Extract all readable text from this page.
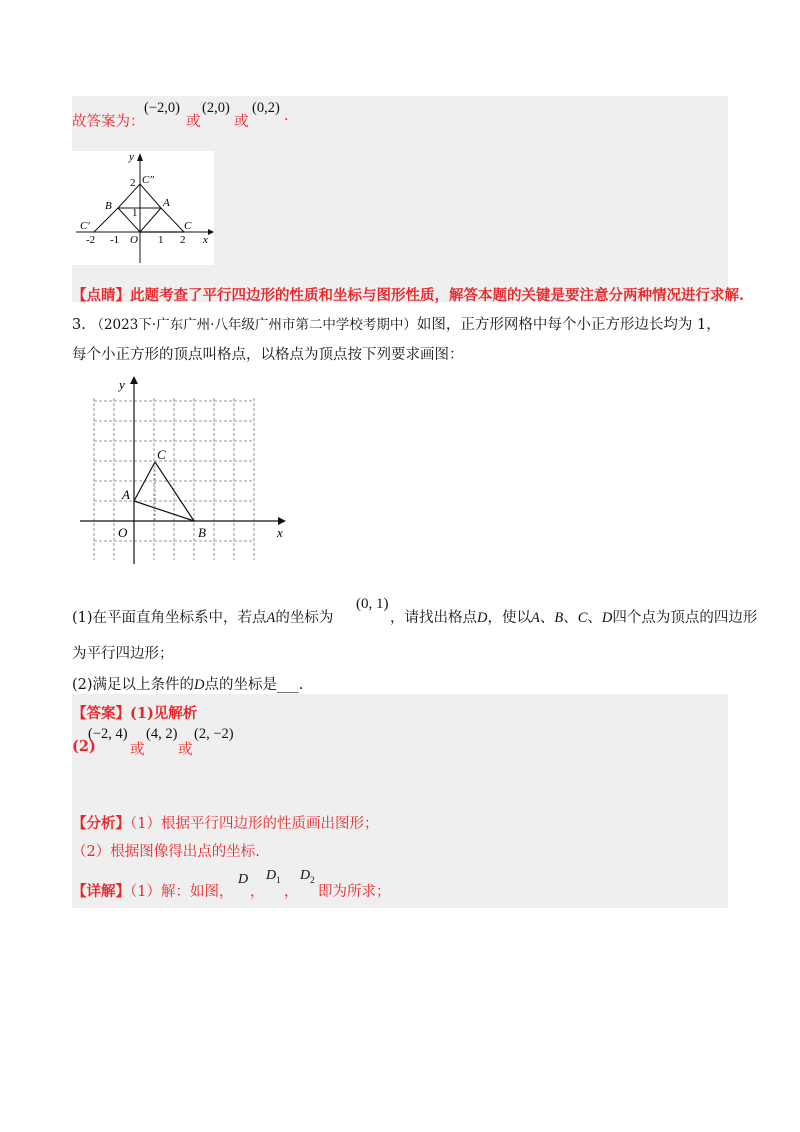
故答案为：
(−2,0)
或
(2,0)
或
(0,2) .
y
x
C″
C′
B	A
C
O
2
1
-2 -1	1 2
【点睛】此题考查了平行四边形的性质和坐标与图形性质，解答本题的关键是要注意分两种情况进行求解.
3. （2023下·广东广州·八年级广州市第二中学校考期中）如图，正方形网格中每个小正方形边长均为 1，
每个小正方形的顶点叫格点，以格点为顶点按下列要求画图：
y
x
C
A
O	B
(1)在平面直角坐标系中，若点A的坐标为
(0, 1)
，请找出格点D，使以A、B、C、D四个点为顶点的四边形
为平行四边形；
(2)满足以上条件的D点的坐标是___.
【答案】(1)见解析
(2)
(−2, 4)
或
(4, 2)
或
(2, −2)
【分析】（1）根据平行四边形的性质画出图形；
（2）根据图像得出点的坐标.
【详解】（1）解：如图，
D
，
$D_1$
，
$D_2$
即为所求；
